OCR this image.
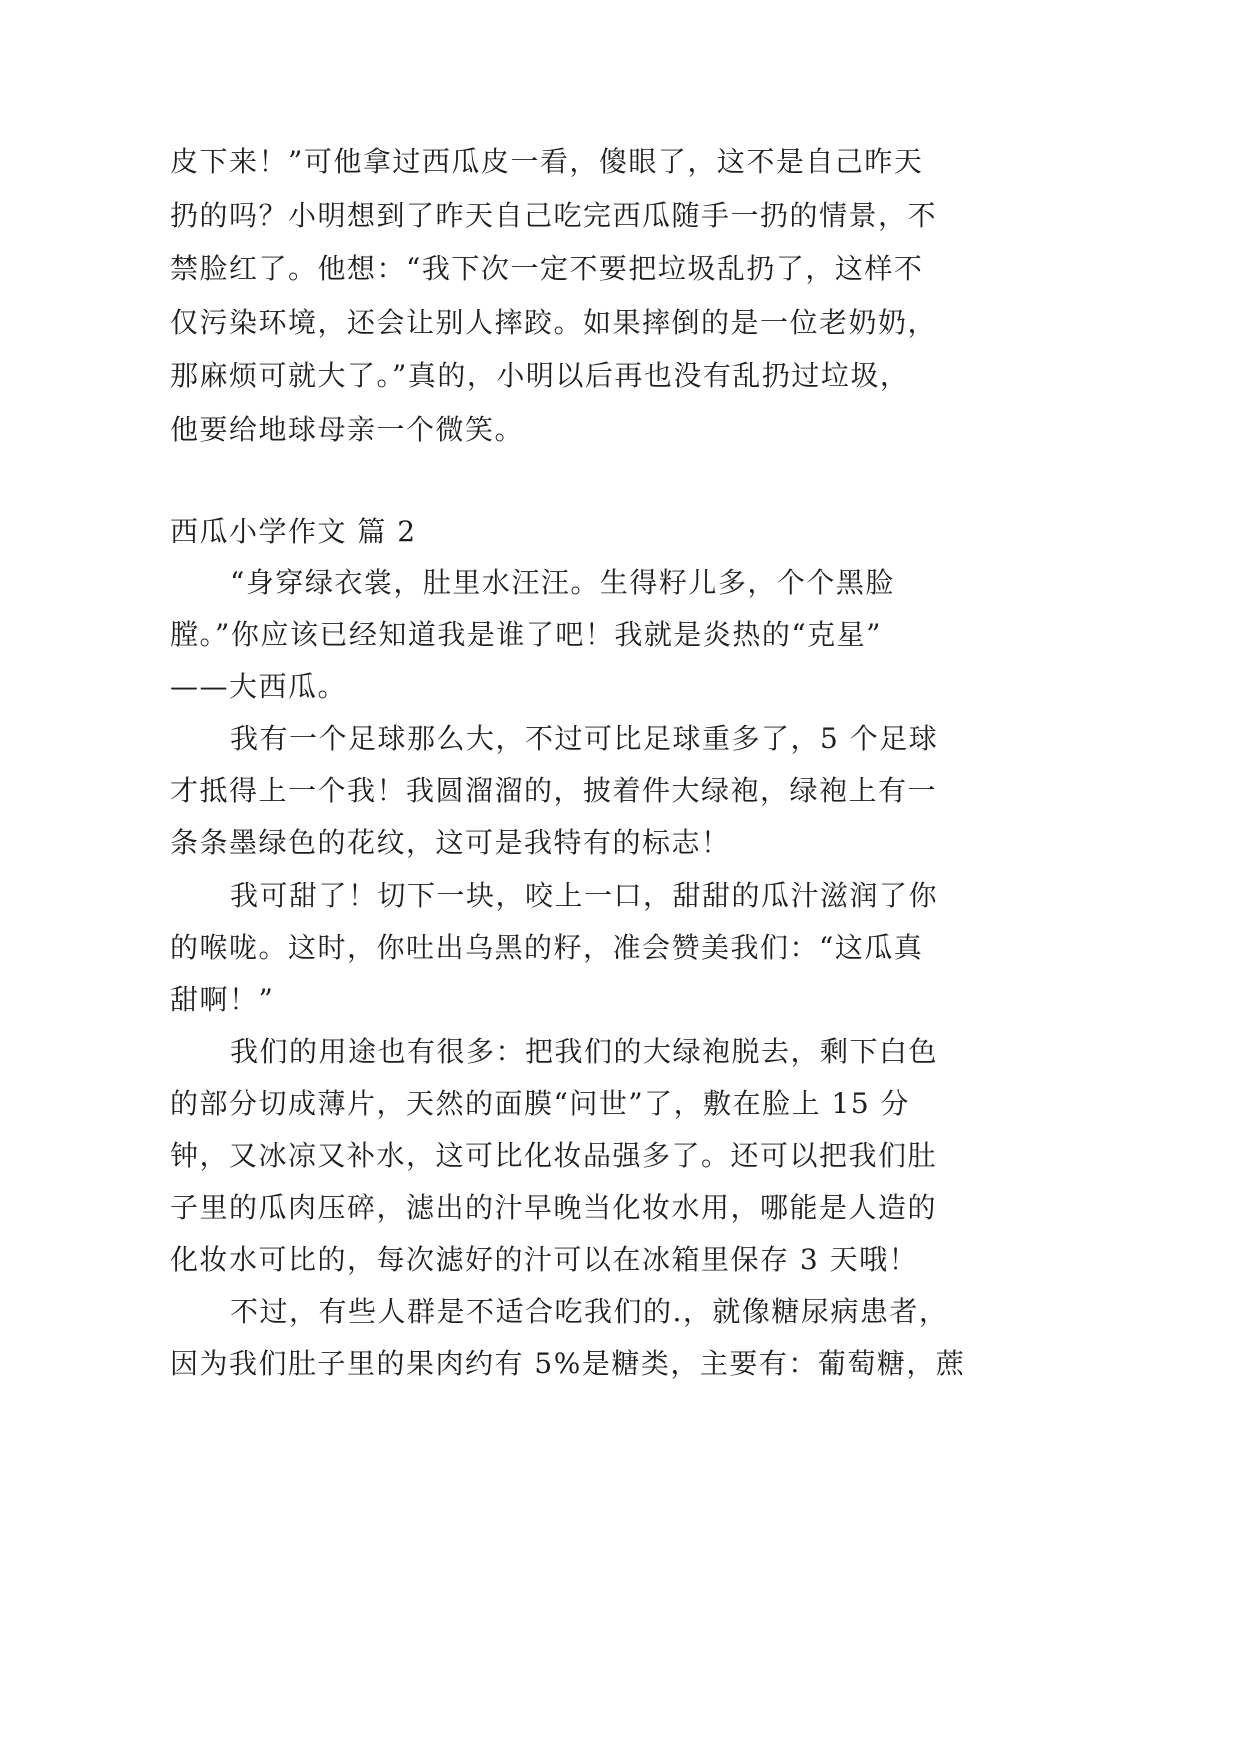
皮下来！”可他拿过西瓜皮一看，傻眼了，这不是自己昨天
扔的吗？小明想到了昨天自己吃完西瓜随手一扔的情景，不
禁脸红了。他想：“我下次一定不要把垃圾乱扔了，这样不
仅污染环境，还会让别人摔跤。如果摔倒的是一位老奶奶，
那麻烦可就大了。”真的，小明以后再也没有乱扔过垃圾，
他要给地球母亲一个微笑。
西瓜小学作文 篇 2
“身穿绿衣裳，肚里水汪汪。生得籽儿多，个个黑脸
膛。”你应该已经知道我是谁了吧！我就是炎热的“克星”
——大西瓜。
我有一个足球那么大，不过可比足球重多了，5 个足球
才抵得上一个我！我圆溜溜的，披着件大绿袍，绿袍上有一
条条墨绿色的花纹，这可是我特有的标志！
我可甜了！切下一块，咬上一口，甜甜的瓜汁滋润了你
的喉咙。这时，你吐出乌黑的籽，准会赞美我们：“这瓜真
甜啊！”
我们的用途也有很多：把我们的大绿袍脱去，剩下白色
的部分切成薄片，天然的面膜“问世”了，敷在脸上 15 分
钟，又冰凉又补水，这可比化妆品强多了。还可以把我们肚
子里的瓜肉压碎，滤出的汁早晚当化妆水用，哪能是人造的
化妆水可比的，每次滤好的汁可以在冰箱里保存 3 天哦！
不过，有些人群是不适合吃我们的.，就像糖尿病患者，
因为我们肚子里的果肉约有 5%是糖类，主要有：葡萄糖，蔗
